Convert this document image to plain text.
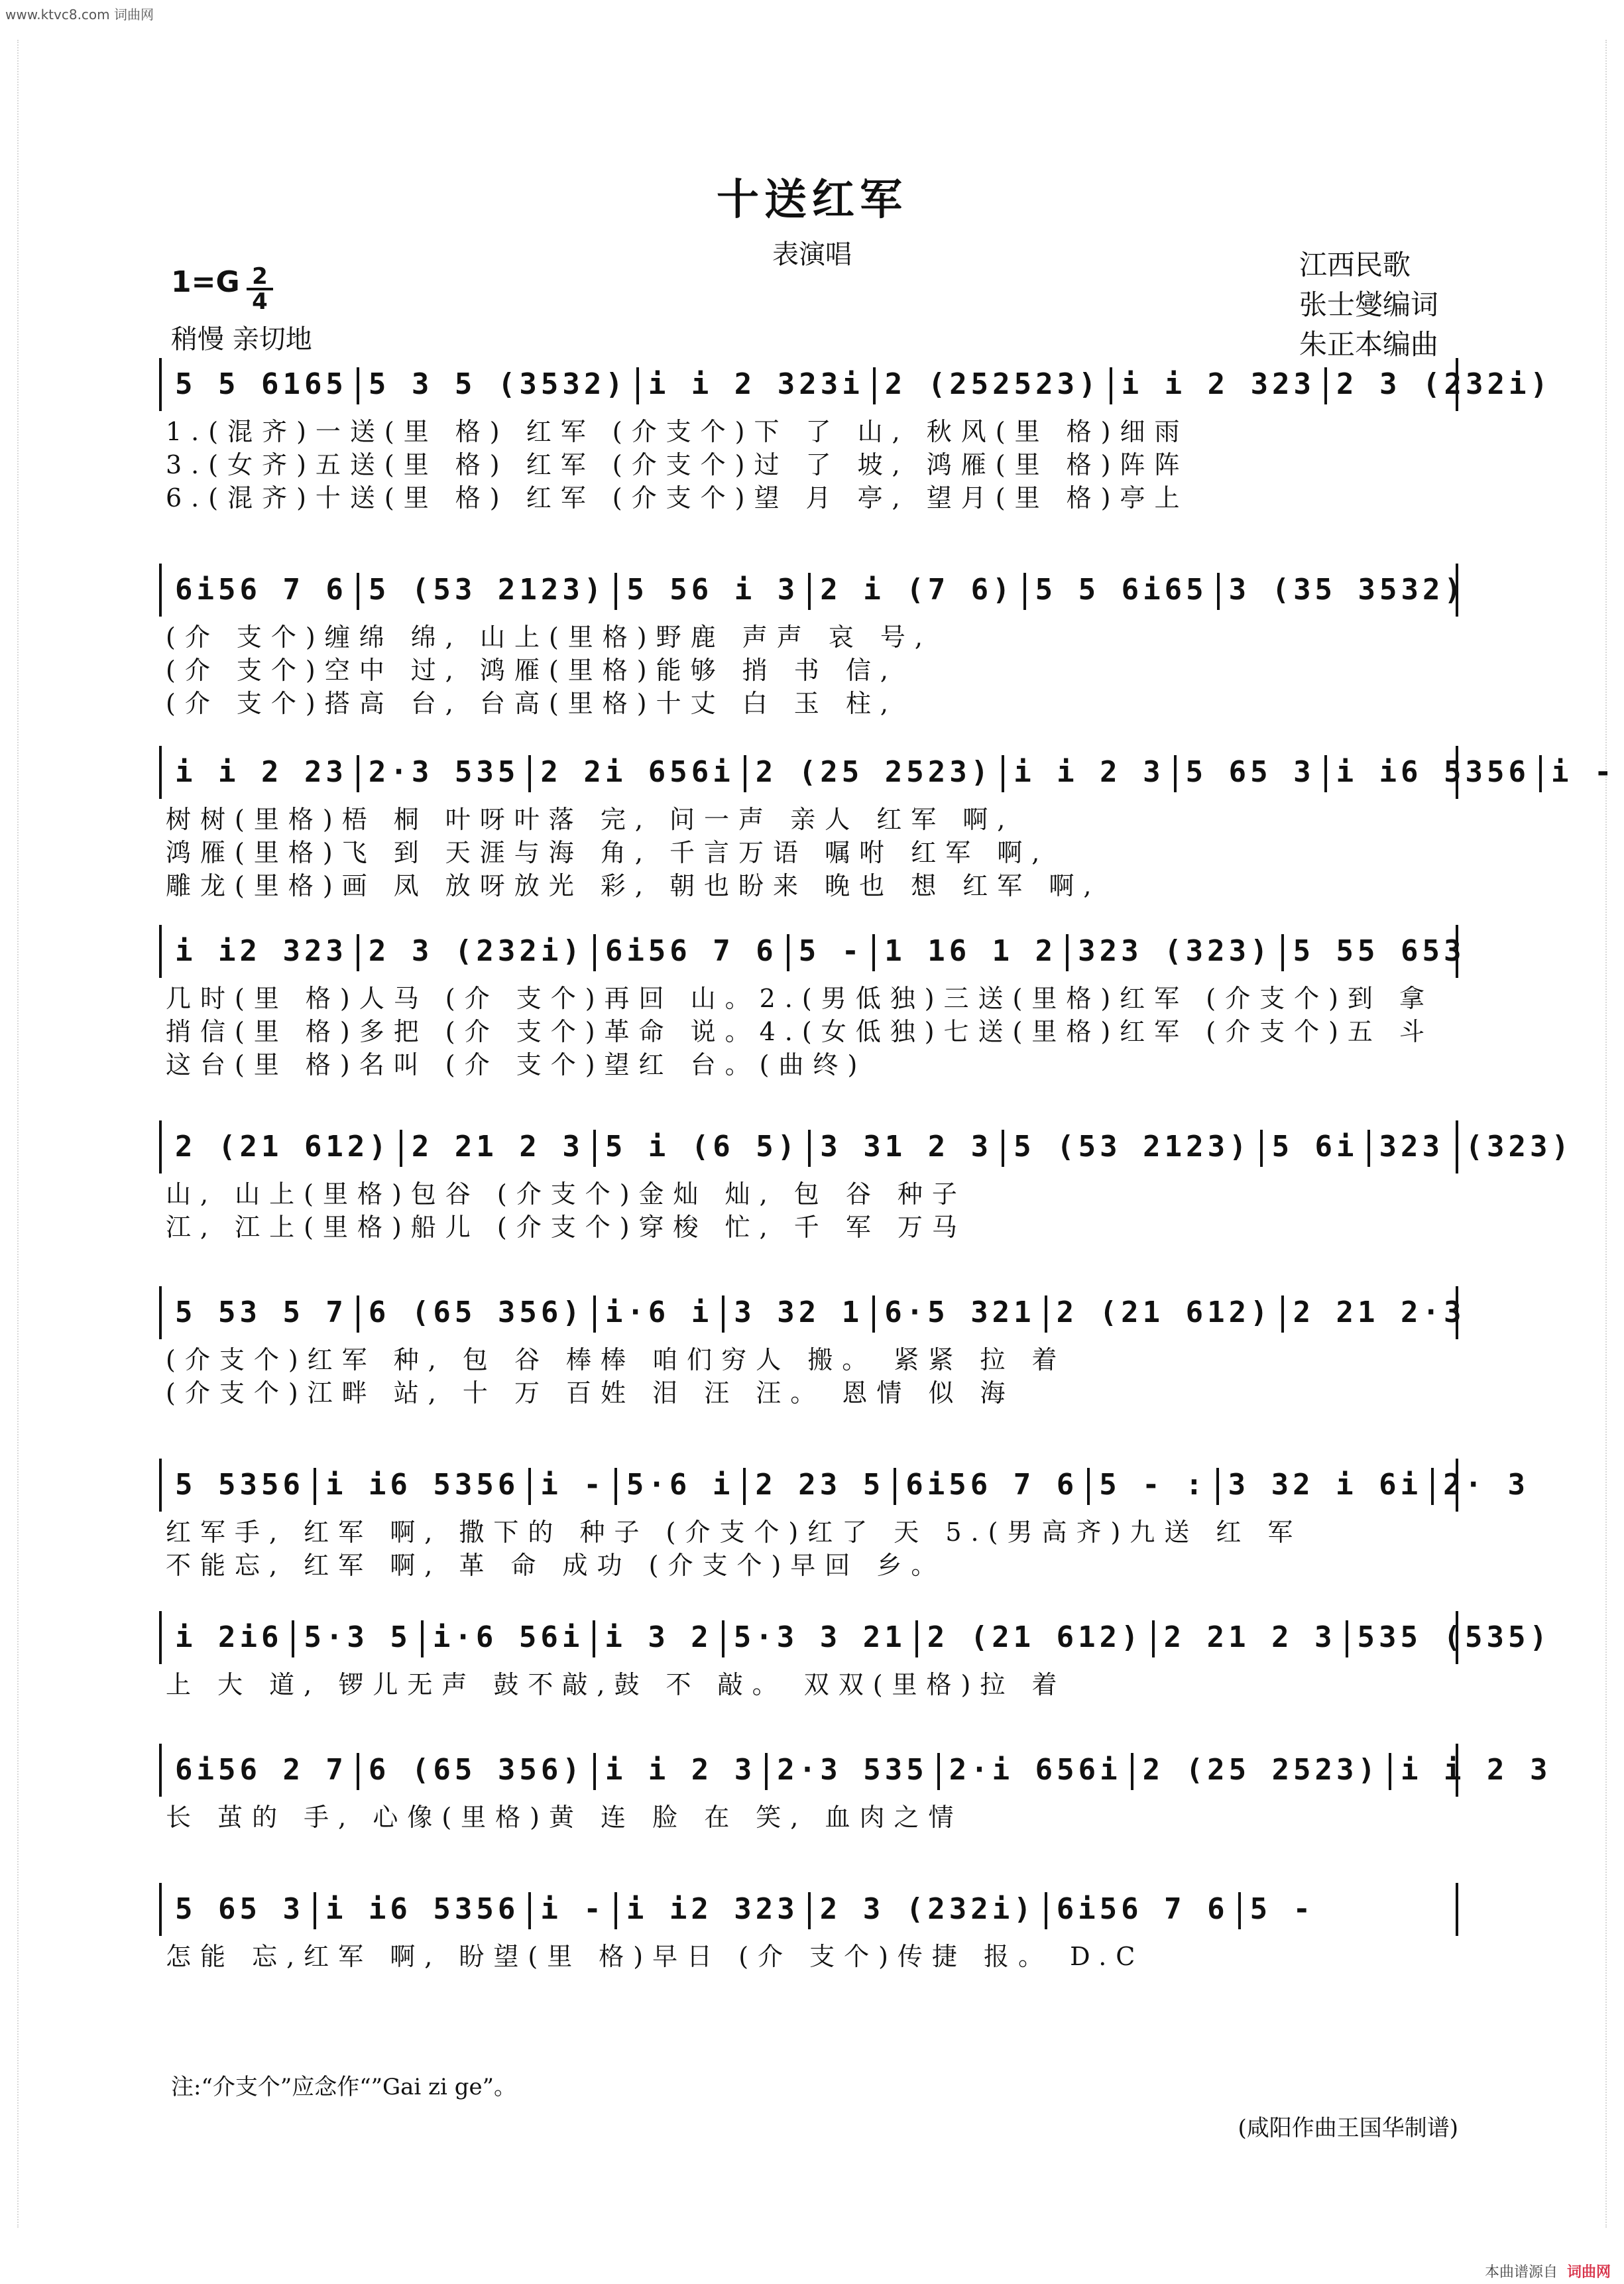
www.ktvc8.com 词曲网
十送红军
表演唱
1=G 2
4
稍慢 亲切地
江西民歌
张士燮编词
朱正本编曲
5 5 6165 5 3 5 (3532) i i 2 323i 2 (252523) i i 2 323 2 3 (232i)
1.(混齐)一送(里 格) 红军 (介支个)下 了 山, 秋风(里 格)细雨
3.(女齐)五送(里 格) 红军 (介支个)过 了 坡, 鸿雁(里 格)阵阵
6.(混齐)十送(里 格) 红军 (介支个)望 月 亭, 望月(里 格)亭上
6i56 7 6 5 (53 2123) 5 56 i 3 2 i (7 6) 5 5 6i65 3 (35 3532)
(介 支个)缠绵 绵, 山上(里格)野鹿 声声 哀 号,
(介 支个)空中 过, 鸿雁(里格)能够 捎 书 信,
(介 支个)搭高 台, 台高(里格)十丈 白 玉 柱,
i i 2 23 2·3 535 2 2i 656i 2 (25 2523) i i 2 3 5 65 3 i i6 5356 i -
树树(里格)梧 桐 叶呀叶落 完, 问一声 亲人 红军 啊,
鸿雁(里格)飞 到 天涯与海 角, 千言万语 嘱咐 红军 啊,
雕龙(里格)画 凤 放呀放光 彩, 朝也盼来 晚也 想 红军 啊,
i i2 323 2 3 (232i) 6i56 7 6 5 - 1 16 1 2 323 (323) 5 55 653
几时(里 格)人马 (介 支个)再回 山。2.(男低独)三送(里格)红军 (介支个)到 拿
捎信(里 格)多把 (介 支个)革命 说。4.(女低独)七送(里格)红军 (介支个)五 斗
这台(里 格)名叫 (介 支个)望红 台。(曲终)
2 (21 612) 2 21 2 3 5 i (6 5) 3 31 2 3 5 (53 2123) 5 6i 323 (323)
山, 山上(里格)包谷 (介支个)金灿 灿, 包 谷 种子
江, 江上(里格)船儿 (介支个)穿梭 忙, 千 军 万马
5 53 5 7 6 (65 356) i·6 i 3 32 1 6·5 321 2 (21 612) 2 21 2·3
(介支个)红军 种, 包 谷 棒棒 咱们穷人 搬。 紧紧 拉 着
(介支个)江畔 站, 十 万 百姓 泪 汪 汪。 恩情 似 海
5 5356 i i6 5356 i - 5·6 i 2 23 5 6i56 7 6 5 - : 3 32 i 6i 2· 3
红军手, 红军 啊, 撒下的 种子 (介支个)红了 天 5.(男高齐)九送 红 军
不能忘, 红军 啊, 革 命 成功 (介支个)早回 乡。
i 2i6 5·3 5 i·6 56i i 3 2 5·3 3 21 2 (21 612) 2 21 2 3 535 (535)
上 大 道, 锣儿无声 鼓不敲,鼓 不 敲。 双双(里格)拉 着
6i56 2 7 6 (65 356) i i 2 3 2·3 535 2·i 656i 2 (25 2523) i i 2 3
长 茧的 手, 心像(里格)黄 连 脸 在 笑, 血肉之情
5 65 3 i i6 5356 i - i i2 323 2 3 (232i) 6i56 7 6 5 -
怎能 忘,红军 啊, 盼望(里 格)早日 (介 支个)传捷 报。 D.C
注:“介支个”应念作“”Gai zi ge”。
(咸阳作曲王国华制谱)
本曲谱源自 词曲网
